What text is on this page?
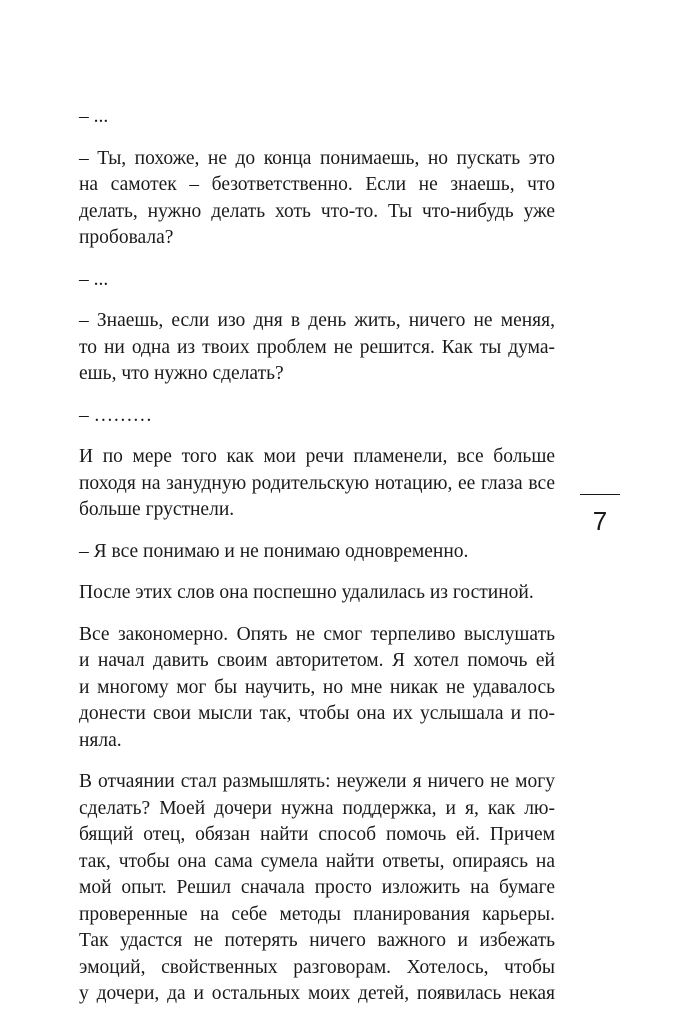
– ...

– Ты, похоже, не до конца понимаешь, но пускать это
на самотек – безответственно. Если не знаешь, что
делать, нужно делать хоть что-то. Ты что-нибудь уже
пробовала?

– ...

– Знаешь, если изо дня в день жить, ничего не меняя,
то ни одна из твоих проблем не решится. Как ты дума-
ешь, что нужно сделать?

– ………

И по мере того как мои речи пламенели, все больше
походя на занудную родительскую нотацию, ее глаза все
больше грустнели.

– Я все понимаю и не понимаю одновременно.

После этих слов она поспешно удалилась из гостиной.

Все закономерно. Опять не смог терпеливо выслушать
и начал давить своим авторитетом. Я хотел помочь ей
и многому мог бы научить, но мне никак не удавалось
донести свои мысли так, чтобы она их услышала и по-
няла.

В отчаянии стал размышлять: неужели я ничего не могу
сделать? Моей дочери нужна поддержка, и я, как лю-
бящий отец, обязан найти способ помочь ей. Причем
так, чтобы она сама сумела найти ответы, опираясь на
мой опыт. Решил сначала просто изложить на бумаге
проверенные на себе методы планирования карьеры.
Так удастся не потерять ничего важного и избежать
эмоций, свойственных разговорам. Хотелось, чтобы
у дочери, да и остальных моих детей, появилась некая

7
